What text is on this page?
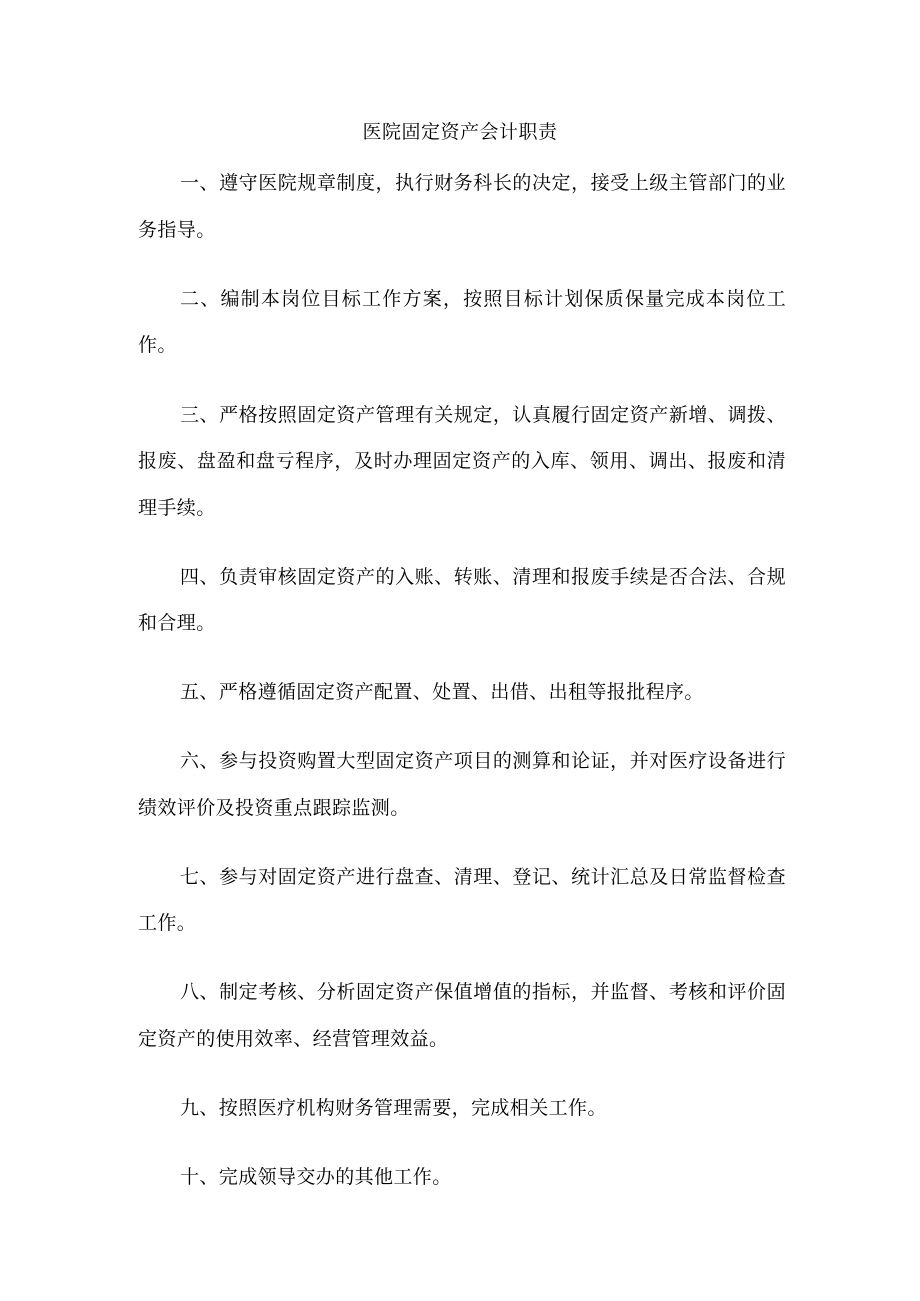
医院固定资产会计职责

一、遵守医院规章制度，执行财务科长的决定，接受上级主管部门的业务指导。

二、编制本岗位目标工作方案，按照目标计划保质保量完成本岗位工作。

三、严格按照固定资产管理有关规定，认真履行固定资产新增、调拨、报废、盘盈和盘亏程序，及时办理固定资产的入库、领用、调出、报废和清理手续。

四、负责审核固定资产的入账、转账、清理和报废手续是否合法、合规和合理。

五、严格遵循固定资产配置、处置、出借、出租等报批程序。

六、参与投资购置大型固定资产项目的测算和论证，并对医疗设备进行绩效评价及投资重点跟踪监测。

七、参与对固定资产进行盘查、清理、登记、统计汇总及日常监督检查工作。

八、制定考核、分析固定资产保值增值的指标，并监督、考核和评价固定资产的使用效率、经营管理效益。

九、按照医疗机构财务管理需要，完成相关工作。

十、完成领导交办的其他工作。
